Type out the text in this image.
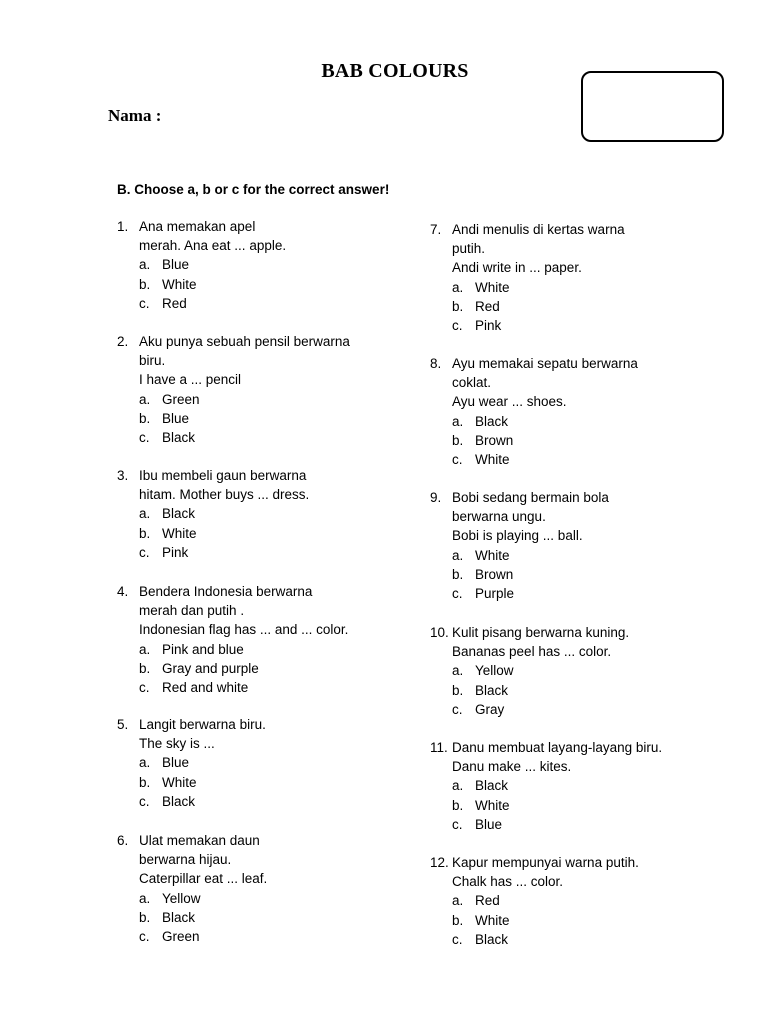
BAB COLOURS
Nama :
B. Choose a, b or c for the correct answer!
1. Ana memakan apel
merah. Ana eat ... apple.
a. Blue
b. White
c. Red
2. Aku punya sebuah pensil berwarna
biru.
I have a ... pencil
a. Green
b. Blue
c. Black
3. Ibu membeli gaun berwarna
hitam. Mother buys ... dress.
a. Black
b. White
c. Pink
4. Bendera Indonesia berwarna
merah dan putih .
Indonesian flag has ... and ... color.
a. Pink and blue
b. Gray and purple
c. Red and white
5. Langit berwarna biru.
The sky is ...
a. Blue
b. White
c. Black
6. Ulat memakan daun
berwarna hijau.
Caterpillar eat ... leaf.
a. Yellow
b. Black
c. Green
7. Andi menulis di kertas warna
putih.
Andi write in ... paper.
a. White
b. Red
c. Pink
8. Ayu memakai sepatu berwarna
coklat.
Ayu wear ... shoes.
a. Black
b. Brown
c. White
9. Bobi sedang bermain bola
berwarna ungu.
Bobi is playing ... ball.
a. White
b. Brown
c. Purple
10. Kulit pisang berwarna kuning.
Bananas peel has ... color.
a. Yellow
b. Black
c. Gray
11. Danu membuat layang-layang biru.
Danu make ... kites.
a. Black
b. White
c. Blue
12. Kapur mempunyai warna putih.
Chalk has ... color.
a. Red
b. White
c. Black
